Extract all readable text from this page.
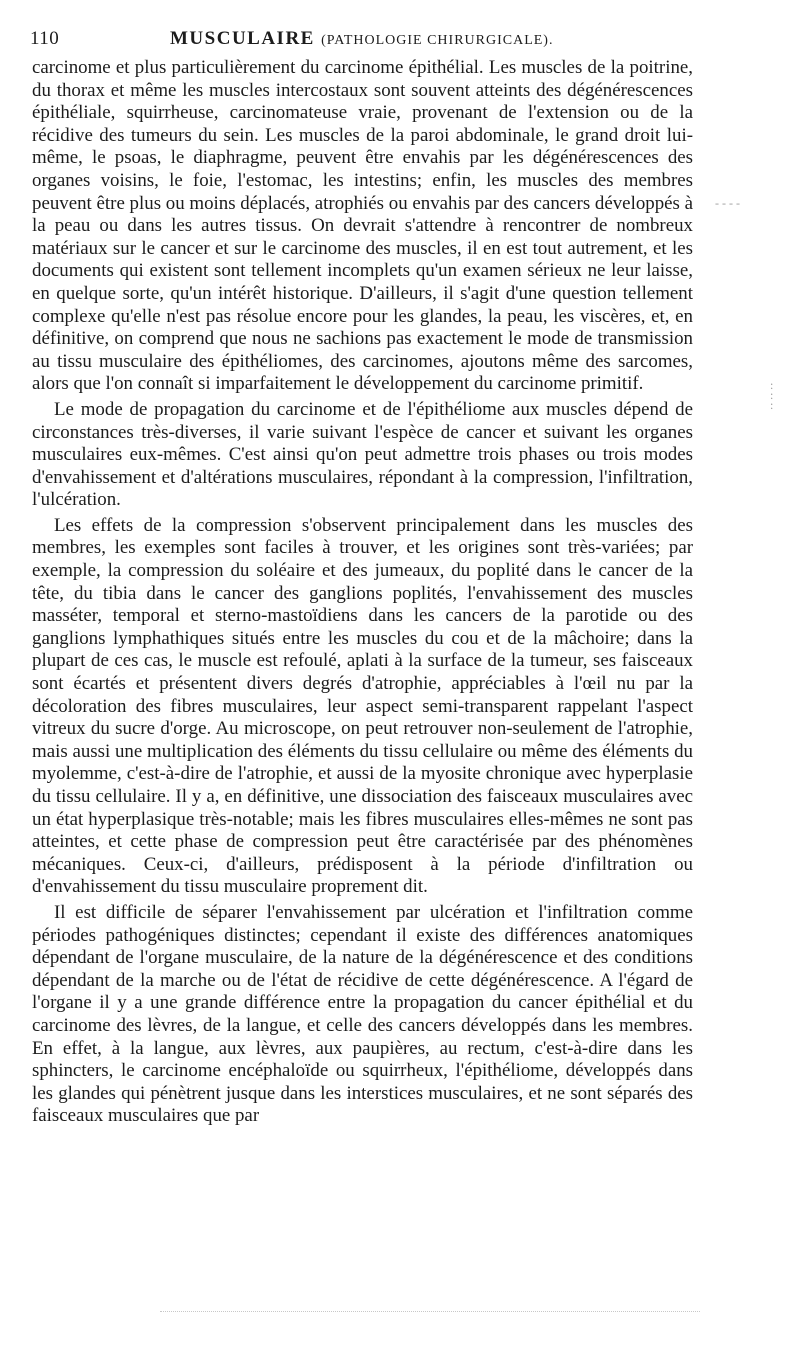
110	MUSCULAIRE (PATHOLOGIE CHIRURGICALE).

carcinome et plus particulièrement du carcinome épithélial. Les muscles de la poitrine, du thorax et même les muscles intercostaux sont souvent atteints des dégénérescences épithéliale, squirrheuse, carcinomateuse vraie, provenant de l'extension ou de la récidive des tumeurs du sein. Les muscles de la paroi abdominale, le grand droit lui-même, le psoas, le diaphragme, peuvent être envahis par les dégénérescences des organes voisins, le foie, l'estomac, les intestins; enfin, les muscles des membres peuvent être plus ou moins déplacés, atrophiés ou envahis par des cancers développés à la peau ou dans les autres tissus. On devrait s'attendre à rencontrer de nombreux matériaux sur le cancer et sur le carcinome des muscles, il en est tout autrement, et les documents qui existent sont tellement incomplets qu'un examen sérieux ne leur laisse, en quelque sorte, qu'un intérêt historique. D'ailleurs, il s'agit d'une question tellement complexe qu'elle n'est pas résolue encore pour les glandes, la peau, les viscères, et, en définitive, on comprend que nous ne sachions pas exactement le mode de transmission au tissu musculaire des épithéliomes, des carcinomes, ajoutons même des sarcomes, alors que l'on connaît si imparfaitement le développement du carcinome primitif.

Le mode de propagation du carcinome et de l'épithéliome aux muscles dépend de circonstances très-diverses, il varie suivant l'espèce de cancer et suivant les organes musculaires eux-mêmes. C'est ainsi qu'on peut admettre trois phases ou trois modes d'envahissement et d'altérations musculaires, répondant à la compression, l'infiltration, l'ulcération.

Les effets de la compression s'observent principalement dans les muscles des membres, les exemples sont faciles à trouver, et les origines sont très-variées; par exemple, la compression du soléaire et des jumeaux, du poplité dans le cancer de la tête, du tibia dans le cancer des ganglions poplités, l'envahissement des muscles masséter, temporal et sterno-mastoïdiens dans les cancers de la parotide ou des ganglions lymphathiques situés entre les muscles du cou et de la mâchoire; dans la plupart de ces cas, le muscle est refoulé, aplati à la surface de la tumeur, ses faisceaux sont écartés et présentent divers degrés d'atrophie, appréciables à l'œil nu par la décoloration des fibres musculaires, leur aspect semi-transparent rappelant l'aspect vitreux du sucre d'orge. Au microscope, on peut retrouver non-seulement de l'atrophie, mais aussi une multiplication des éléments du tissu cellulaire ou même des éléments du myolemme, c'est-à-dire de l'atrophie, et aussi de la myosite chronique avec hyperplasie du tissu cellulaire. Il y a, en définitive, une dissociation des faisceaux musculaires avec un état hyperplasique très-notable; mais les fibres musculaires elles-mêmes ne sont pas atteintes, et cette phase de compression peut être caractérisée par des phénomènes mécaniques. Ceux-ci, d'ailleurs, prédisposent à la période d'infiltration ou d'envahissement du tissu musculaire proprement dit.

Il est difficile de séparer l'envahissement par ulcération et l'infiltration comme périodes pathogéniques distinctes; cependant il existe des différences anatomiques dépendant de l'organe musculaire, de la nature de la dégénérescence et des conditions dépendant de la marche ou de l'état de récidive de cette dégénérescence. A l'égard de l'organe il y a une grande différence entre la propagation du cancer épithélial et du carcinome des lèvres, de la langue, et celle des cancers développés dans les membres. En effet, à la langue, aux lèvres, aux paupières, au rectum, c'est-à-dire dans les sphincters, le carcinome encéphaloïde ou squirrheux, l'épithéliome, développés dans les glandes qui pénètrent jusque dans les interstices musculaires, et ne sont séparés des faisceaux musculaires que par

- - - -
:
:
:
